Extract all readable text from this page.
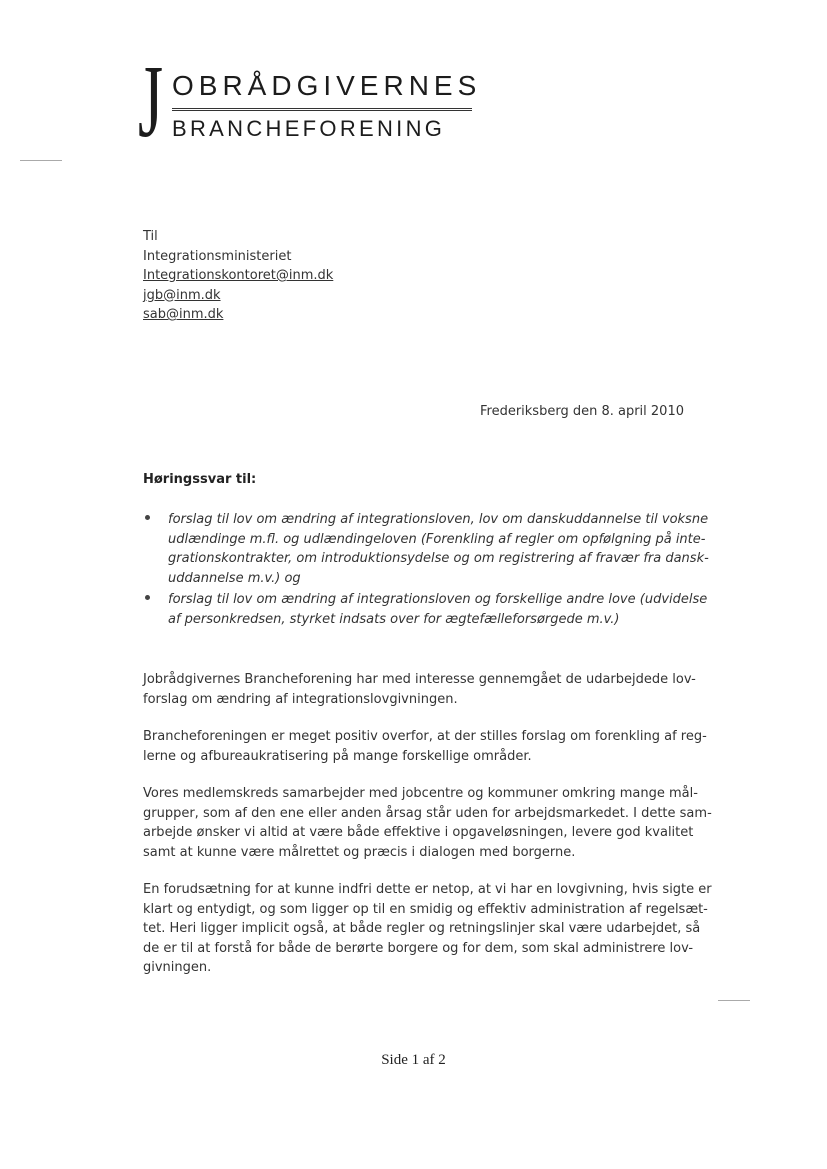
J OBRÅDGIVERNES
BRANCHEFORENING
Til
Integrationsministeriet
Integrationskontoret@inm.dk
jgb@inm.dk
sab@inm.dk
Frederiksberg den 8. april 2010
Høringssvar til:
forslag til lov om ændring af integrationsloven, lov om danskuddannelse til voksne
udlændinge m.fl. og udlændingeloven (Forenkling af regler om opfølgning på inte-
grationskontrakter, om introduktionsydelse og om registrering af fravær fra dansk-
uddannelse m.v.) og
forslag til lov om ændring af integrationsloven og forskellige andre love (udvidelse
af personkredsen, styrket indsats over for ægtefælleforsørgede m.v.)
Jobrådgivernes Brancheforening har med interesse gennemgået de udarbejdede lov-
forslag om ændring af integrationslovgivningen.
Brancheforeningen er meget positiv overfor, at der stilles forslag om forenkling af reg-
lerne og afbureaukratisering på mange forskellige områder.
Vores medlemskreds samarbejder med jobcentre og kommuner omkring mange mål-
grupper, som af den ene eller anden årsag står uden for arbejdsmarkedet. I dette sam-
arbejde ønsker vi altid at være både effektive i opgaveløsningen, levere god kvalitet
samt at kunne være målrettet og præcis i dialogen med borgerne.
En forudsætning for at kunne indfri dette er netop, at vi har en lovgivning, hvis sigte er
klart og entydigt, og som ligger op til en smidig og effektiv administration af regelsæt-
tet. Heri ligger implicit også, at både regler og retningslinjer skal være udarbejdet, så
de er til at forstå for både de berørte borgere og for dem, som skal administrere lov-
givningen.
Side 1 af 2
